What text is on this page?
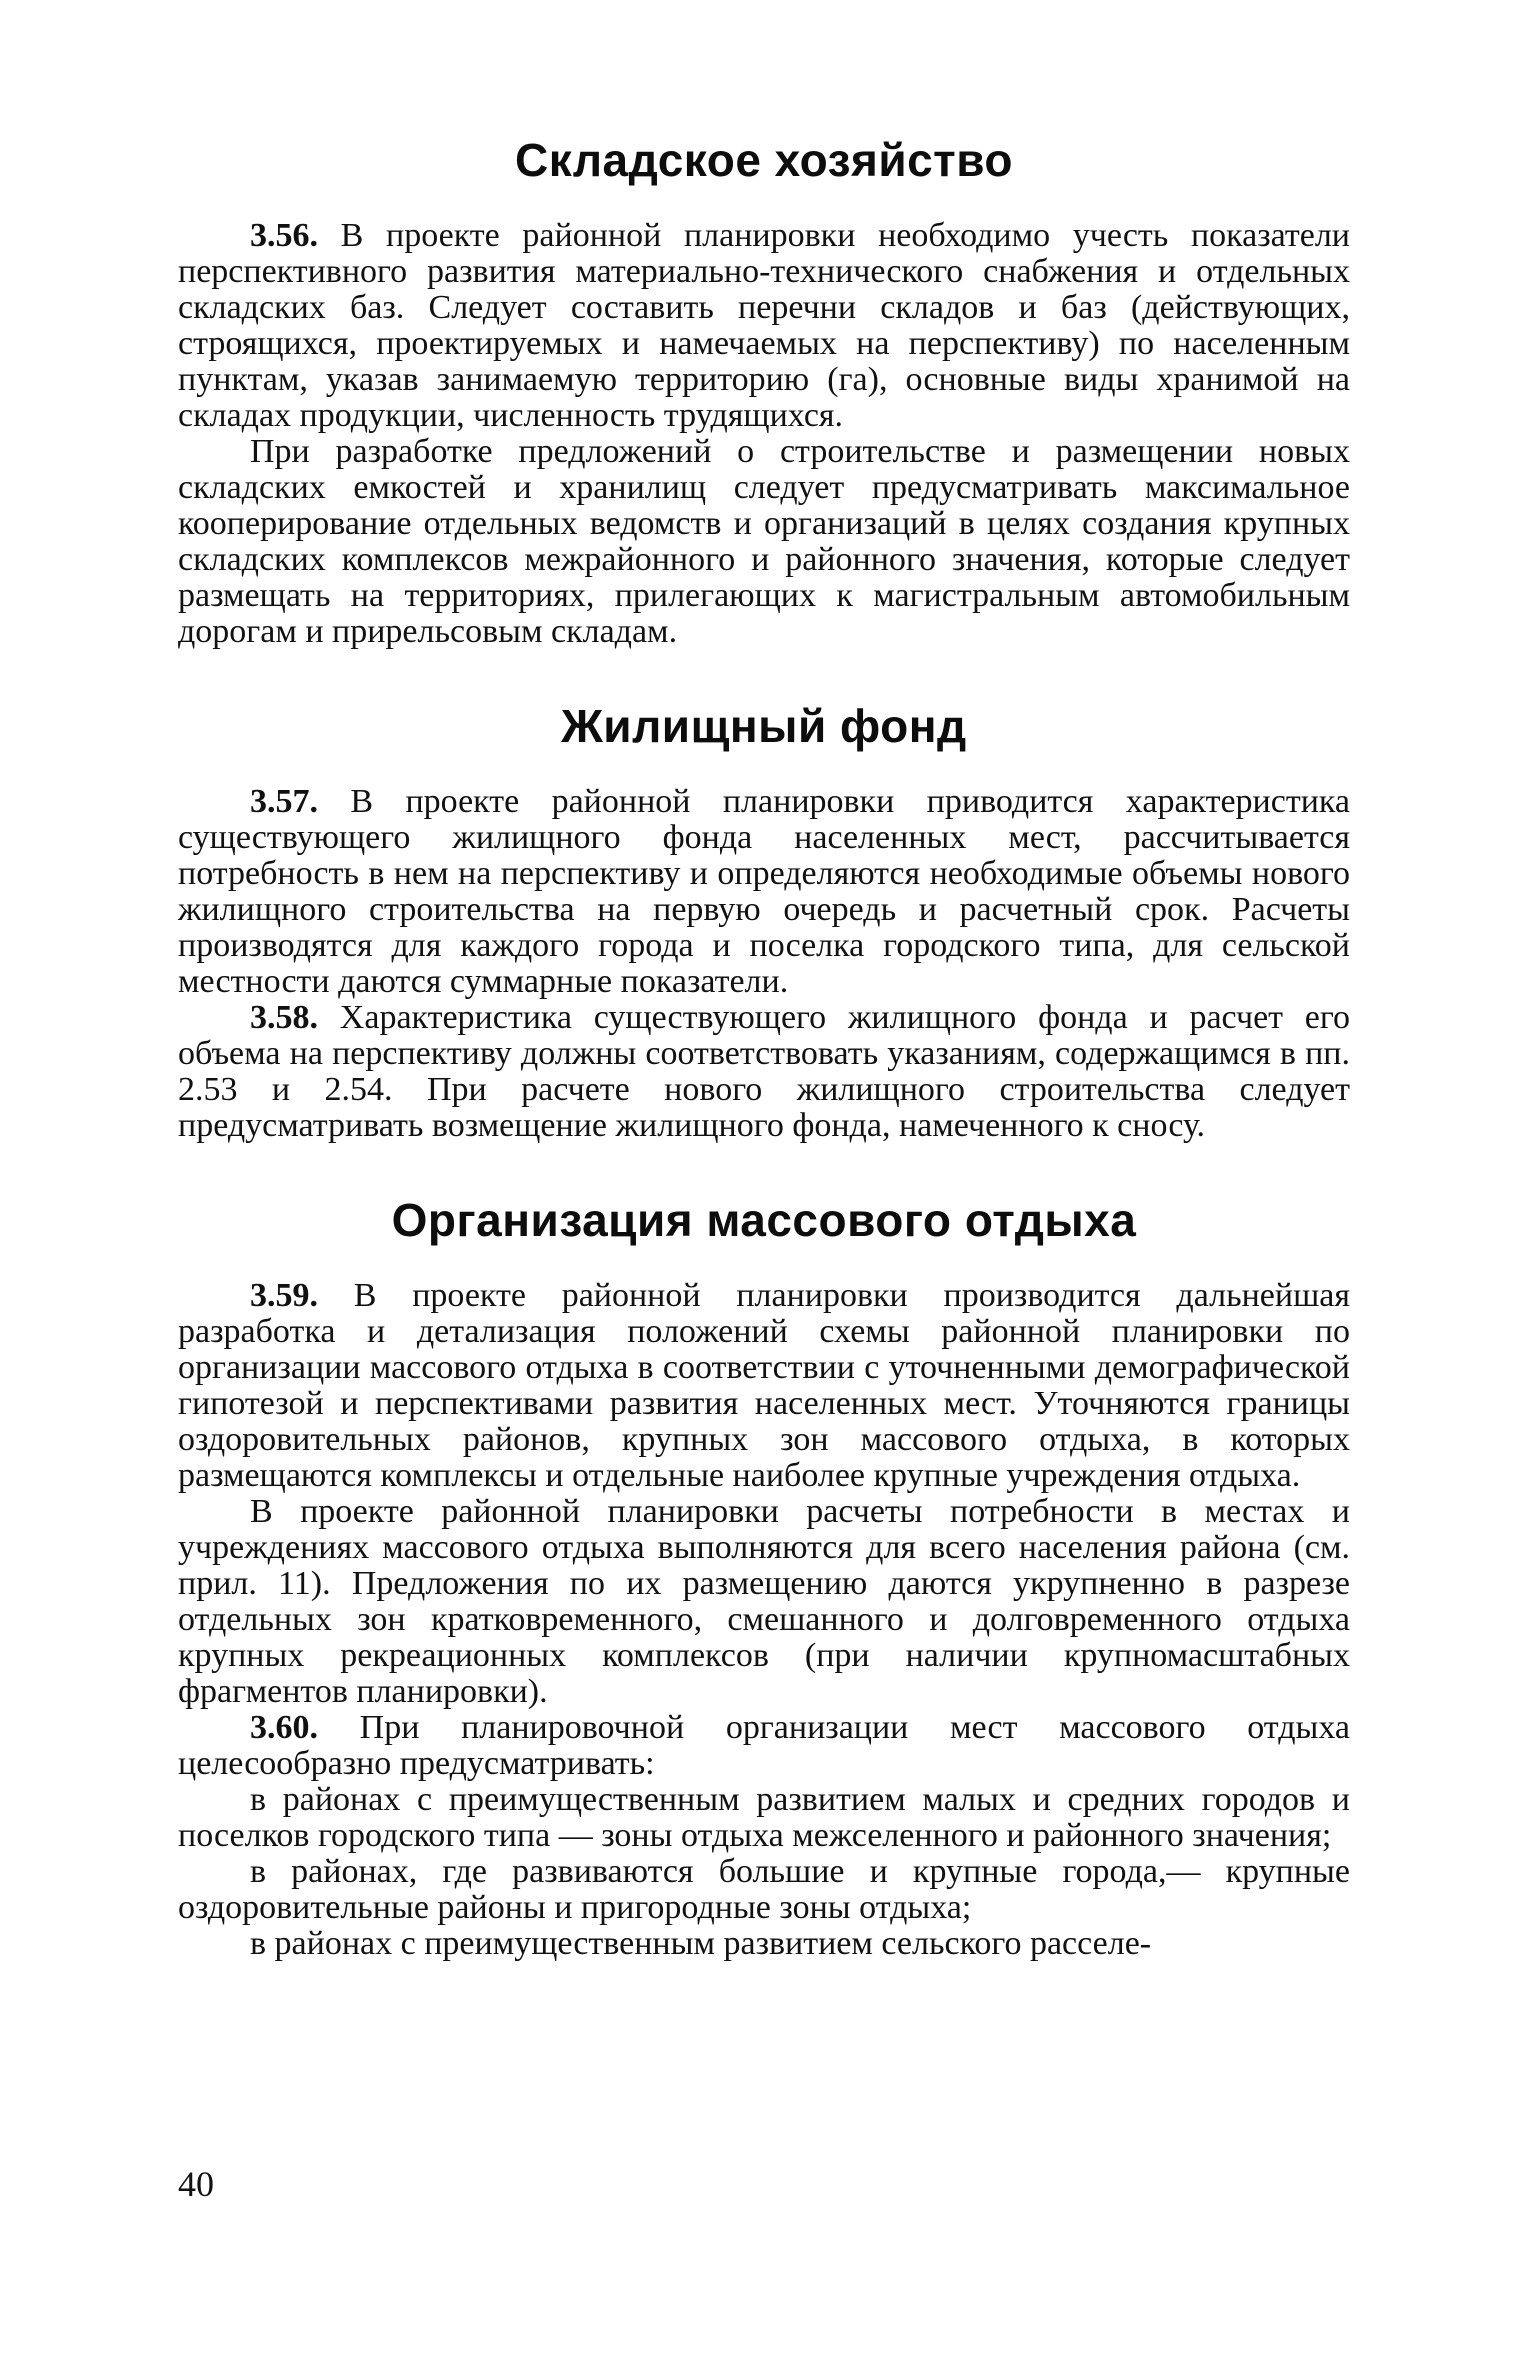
Складское хозяйство

3.56. В проекте районной планировки необходимо учесть показатели перспективного развития материально-технического снабжения и отдельных складских баз. Следует составить перечни складов и баз (действующих, строящихся, проектируемых и намечаемых на перспективу) по населенным пунктам, указав занимаемую территорию (га), основные виды хранимой на складах продукции, численность трудящихся.

При разработке предложений о строительстве и размещении новых складских емкостей и хранилищ следует предусматривать максимальное кооперирование отдельных ведомств и организаций в целях создания крупных складских комплексов межрайонного и районного значения, которые следует размещать на территориях, прилегающих к магистральным автомобильным дорогам и прирельсовым складам.

Жилищный фонд

3.57. В проекте районной планировки приводится характеристика существующего жилищного фонда населенных мест, рассчитывается потребность в нем на перспективу и определяются необходимые объемы нового жилищного строительства на первую очередь и расчетный срок. Расчеты производятся для каждого города и поселка городского типа, для сельской местности даются суммарные показатели.

3.58. Характеристика существующего жилищного фонда и расчет его объема на перспективу должны соответствовать указаниям, содержащимся в пп. 2.53 и 2.54. При расчете нового жилищного строительства следует предусматривать возмещение жилищного фонда, намеченного к сносу.

Организация массового отдыха

3.59. В проекте районной планировки производится дальнейшая разработка и детализация положений схемы районной планировки по организации массового отдыха в соответствии с уточненными демографической гипотезой и перспективами развития населенных мест. Уточняются границы оздоровительных районов, крупных зон массового отдыха, в которых размещаются комплексы и отдельные наиболее крупные учреждения отдыха.

В проекте районной планировки расчеты потребности в местах и учреждениях массового отдыха выполняются для всего населения района (см. прил. 11). Предложения по их размещению даются укрупненно в разрезе отдельных зон кратковременного, смешанного и долговременного отдыха крупных рекреационных комплексов (при наличии крупномасштабных фрагментов планировки).

3.60. При планировочной организации мест массового отдыха целесообразно предусматривать:

в районах с преимущественным развитием малых и средних городов и поселков городского типа — зоны отдыха межселенного и районного значения;

в районах, где развиваются большие и крупные города,— крупные оздоровительные районы и пригородные зоны отдыха;

в районах с преимущественным развитием сельского расселе-

40
